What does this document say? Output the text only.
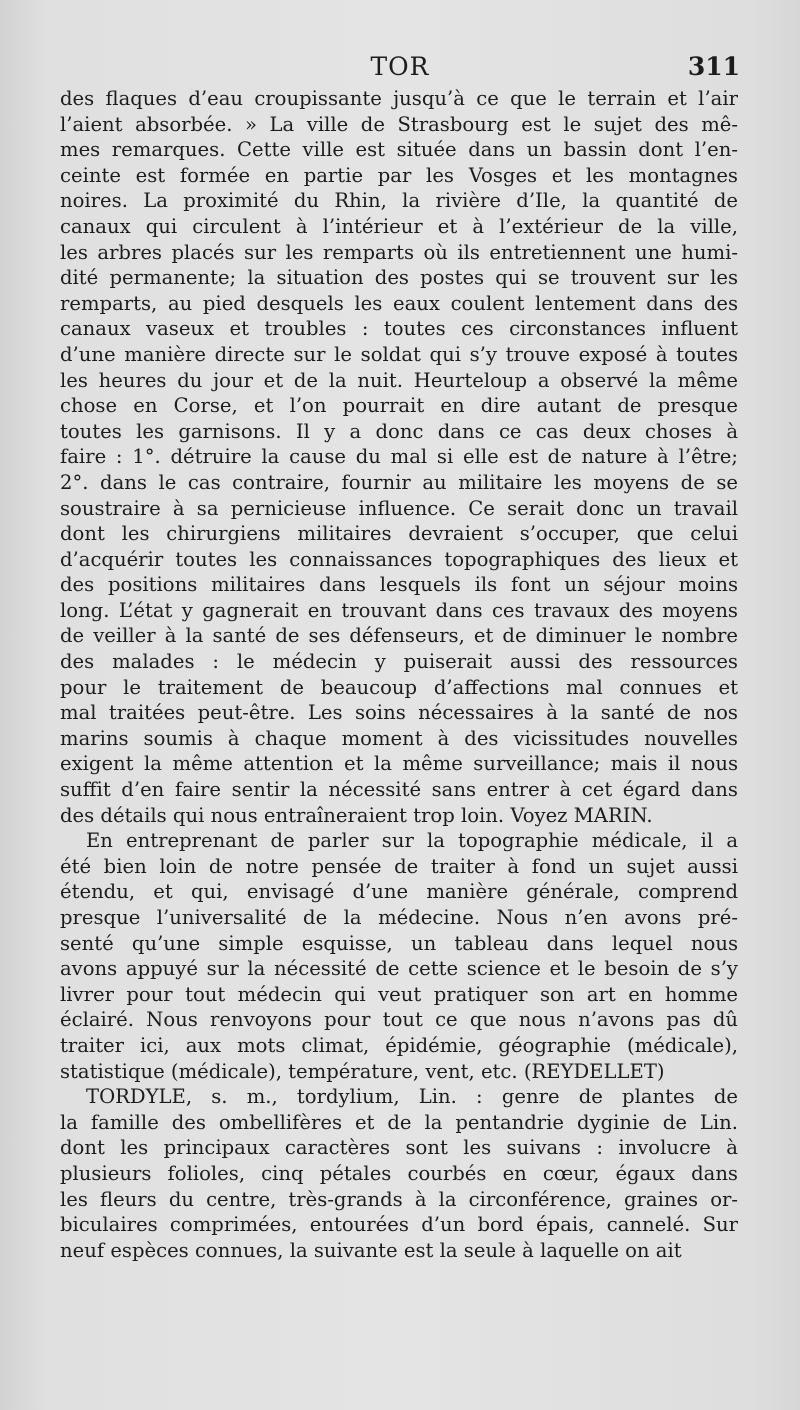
TOR	311
des flaques d’eau croupissante jusqu’à ce que le terrain et l’air
l’aient absorbée. » La ville de Strasbourg est le sujet des mê-
mes remarques. Cette ville est située dans un bassin dont l’en-
ceinte est formée en partie par les Vosges et les montagnes
noires. La proximité du Rhin, la rivière d’Ile, la quantité de
canaux qui circulent à l’intérieur et à l’extérieur de la ville,
les arbres placés sur les remparts où ils entretiennent une humi-
dité permanente; la situation des postes qui se trouvent sur les
remparts, au pied desquels les eaux coulent lentement dans des
canaux vaseux et troubles : toutes ces circonstances influent
d’une manière directe sur le soldat qui s’y trouve exposé à toutes
les heures du jour et de la nuit. Heurteloup a observé la même
chose en Corse, et l’on pourrait en dire autant de presque
toutes les garnisons. Il y a donc dans ce cas deux choses à
faire : 1°. détruire la cause du mal si elle est de nature à l’être;
2°. dans le cas contraire, fournir au militaire les moyens de se
soustraire à sa pernicieuse influence. Ce serait donc un travail
dont les chirurgiens militaires devraient s’occuper, que celui
d’acquérir toutes les connaissances topographiques des lieux et
des positions militaires dans lesquels ils font un séjour moins
long. L’état y gagnerait en trouvant dans ces travaux des moyens
de veiller à la santé de ses défenseurs, et de diminuer le nombre
des malades : le médecin y puiserait aussi des ressources
pour le traitement de beaucoup d’affections mal connues et
mal traitées peut-être. Les soins nécessaires à la santé de nos
marins soumis à chaque moment à des vicissitudes nouvelles
exigent la même attention et la même surveillance; mais il nous
suffit d’en faire sentir la nécessité sans entrer à cet égard dans
des détails qui nous entraîneraient trop loin. Voyez MARIN.
En entreprenant de parler sur la topographie médicale, il a
été bien loin de notre pensée de traiter à fond un sujet aussi
étendu, et qui, envisagé d’une manière générale, comprend
presque l’universalité de la médecine. Nous n’en avons pré-
senté qu’une simple esquisse, un tableau dans lequel nous
avons appuyé sur la nécessité de cette science et le besoin de s’y
livrer pour tout médecin qui veut pratiquer son art en homme
éclairé. Nous renvoyons pour tout ce que nous n’avons pas dû
traiter ici, aux mots climat, épidémie, géographie (médicale),
statistique (médicale), température, vent, etc. (REYDELLET)
TORDYLE, s. m., tordylium, Lin. : genre de plantes de
la famille des ombellifères et de la pentandrie dyginie de Lin.
dont les principaux caractères sont les suivans : involucre à
plusieurs folioles, cinq pétales courbés en cœur, égaux dans
les fleurs du centre, très-grands à la circonférence, graines or-
biculaires comprimées, entourées d’un bord épais, cannelé. Sur
neuf espèces connues, la suivante est la seule à laquelle on ait
